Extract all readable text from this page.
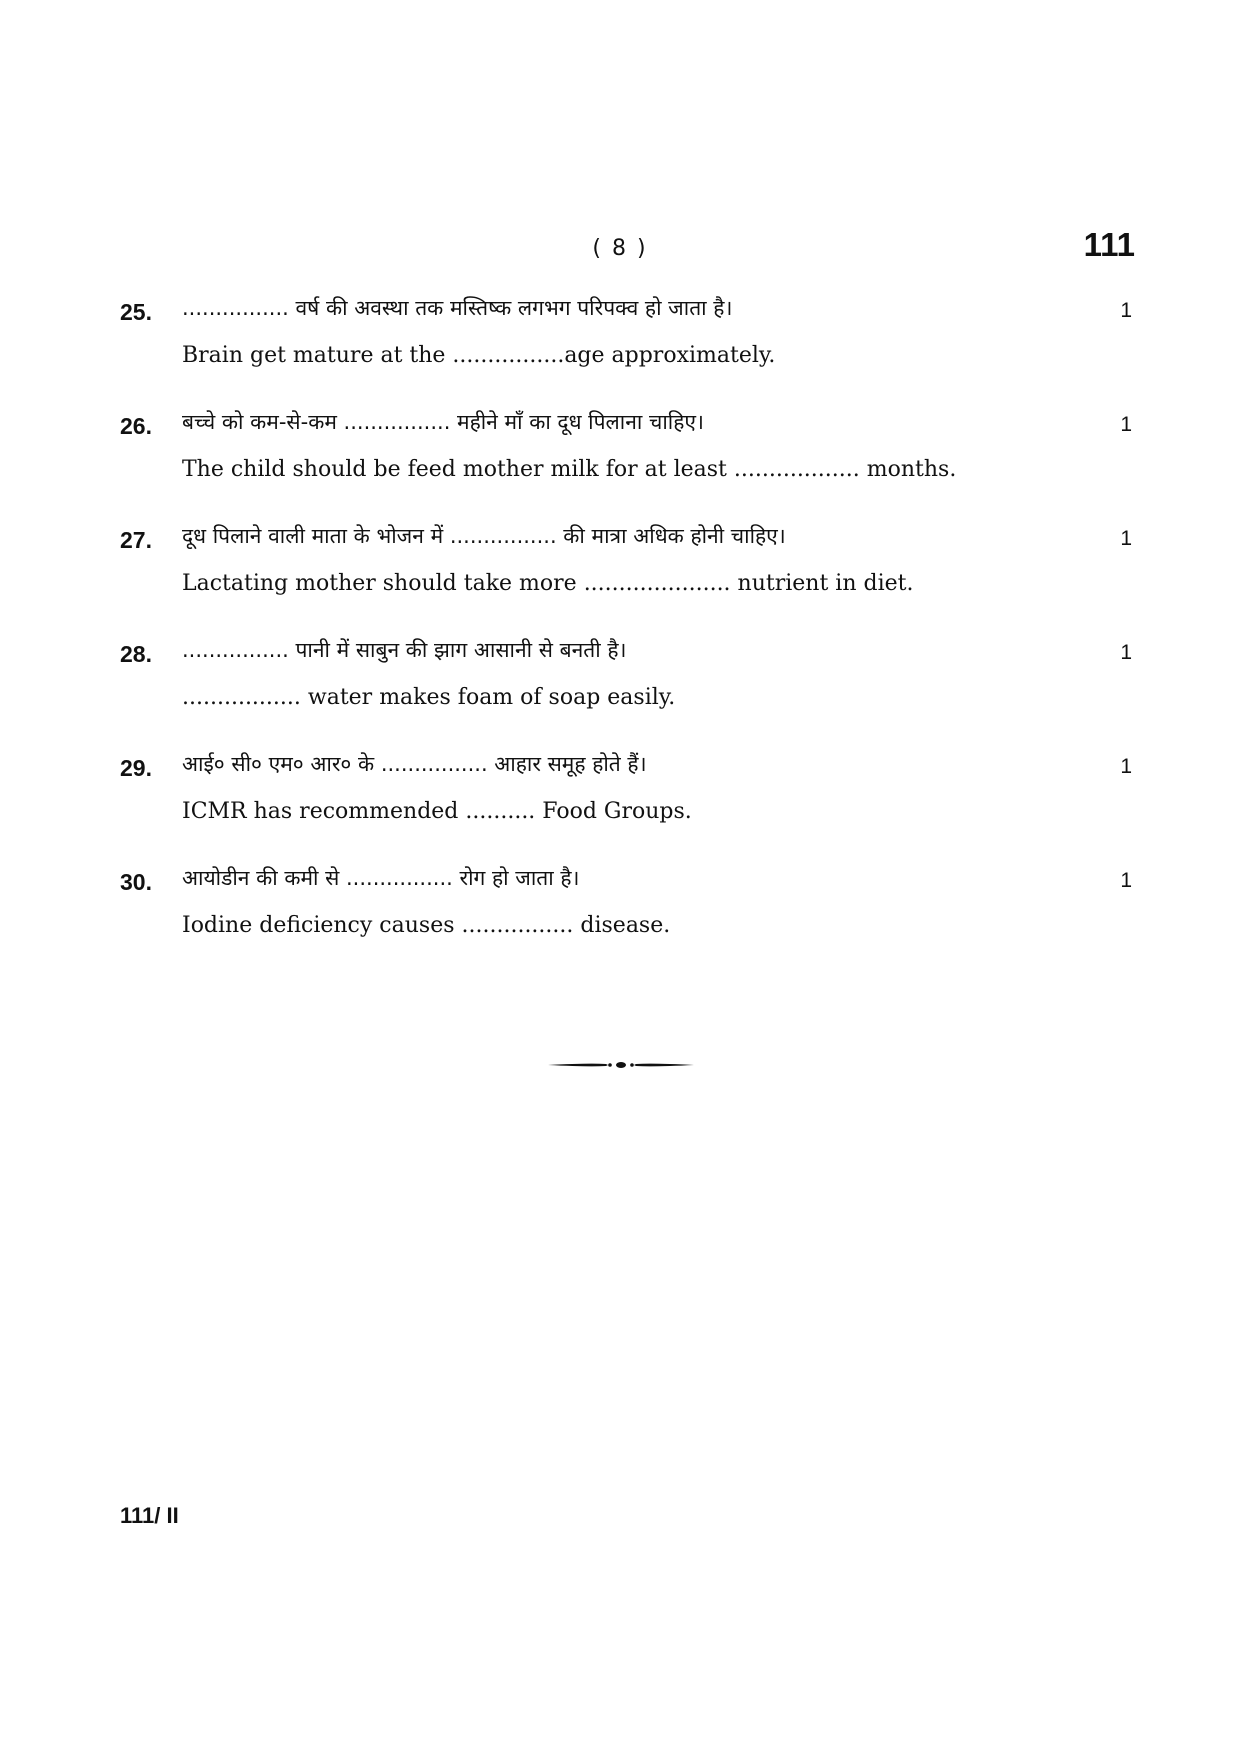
( 8 )	111
25.	................ वर्ष की अवस्था तक मस्तिष्क लगभग परिपक्व हो जाता है।
Brain get mature at the ................age approximately.
1
26.	बच्चे को कम-से-कम ................ महीने माँ का दूध पिलाना चाहिए।
The child should be feed mother milk for at least .................. months.
1
27.	दूध पिलाने वाली माता के भोजन में ................ की मात्रा अधिक होनी चाहिए।
Lactating mother should take more ..................... nutrient in diet.
1
28.	................ पानी में साबुन की झाग आसानी से बनती है।
................. water makes foam of soap easily.
1
29.	आई० सी० एम० आर० के ................ आहार समूह होते हैं।
ICMR has recommended .......... Food Groups.
1
30.	आयोडीन की कमी से ................ रोग हो जाता है।
Iodine deficiency causes ................ disease.
1
111/ II
